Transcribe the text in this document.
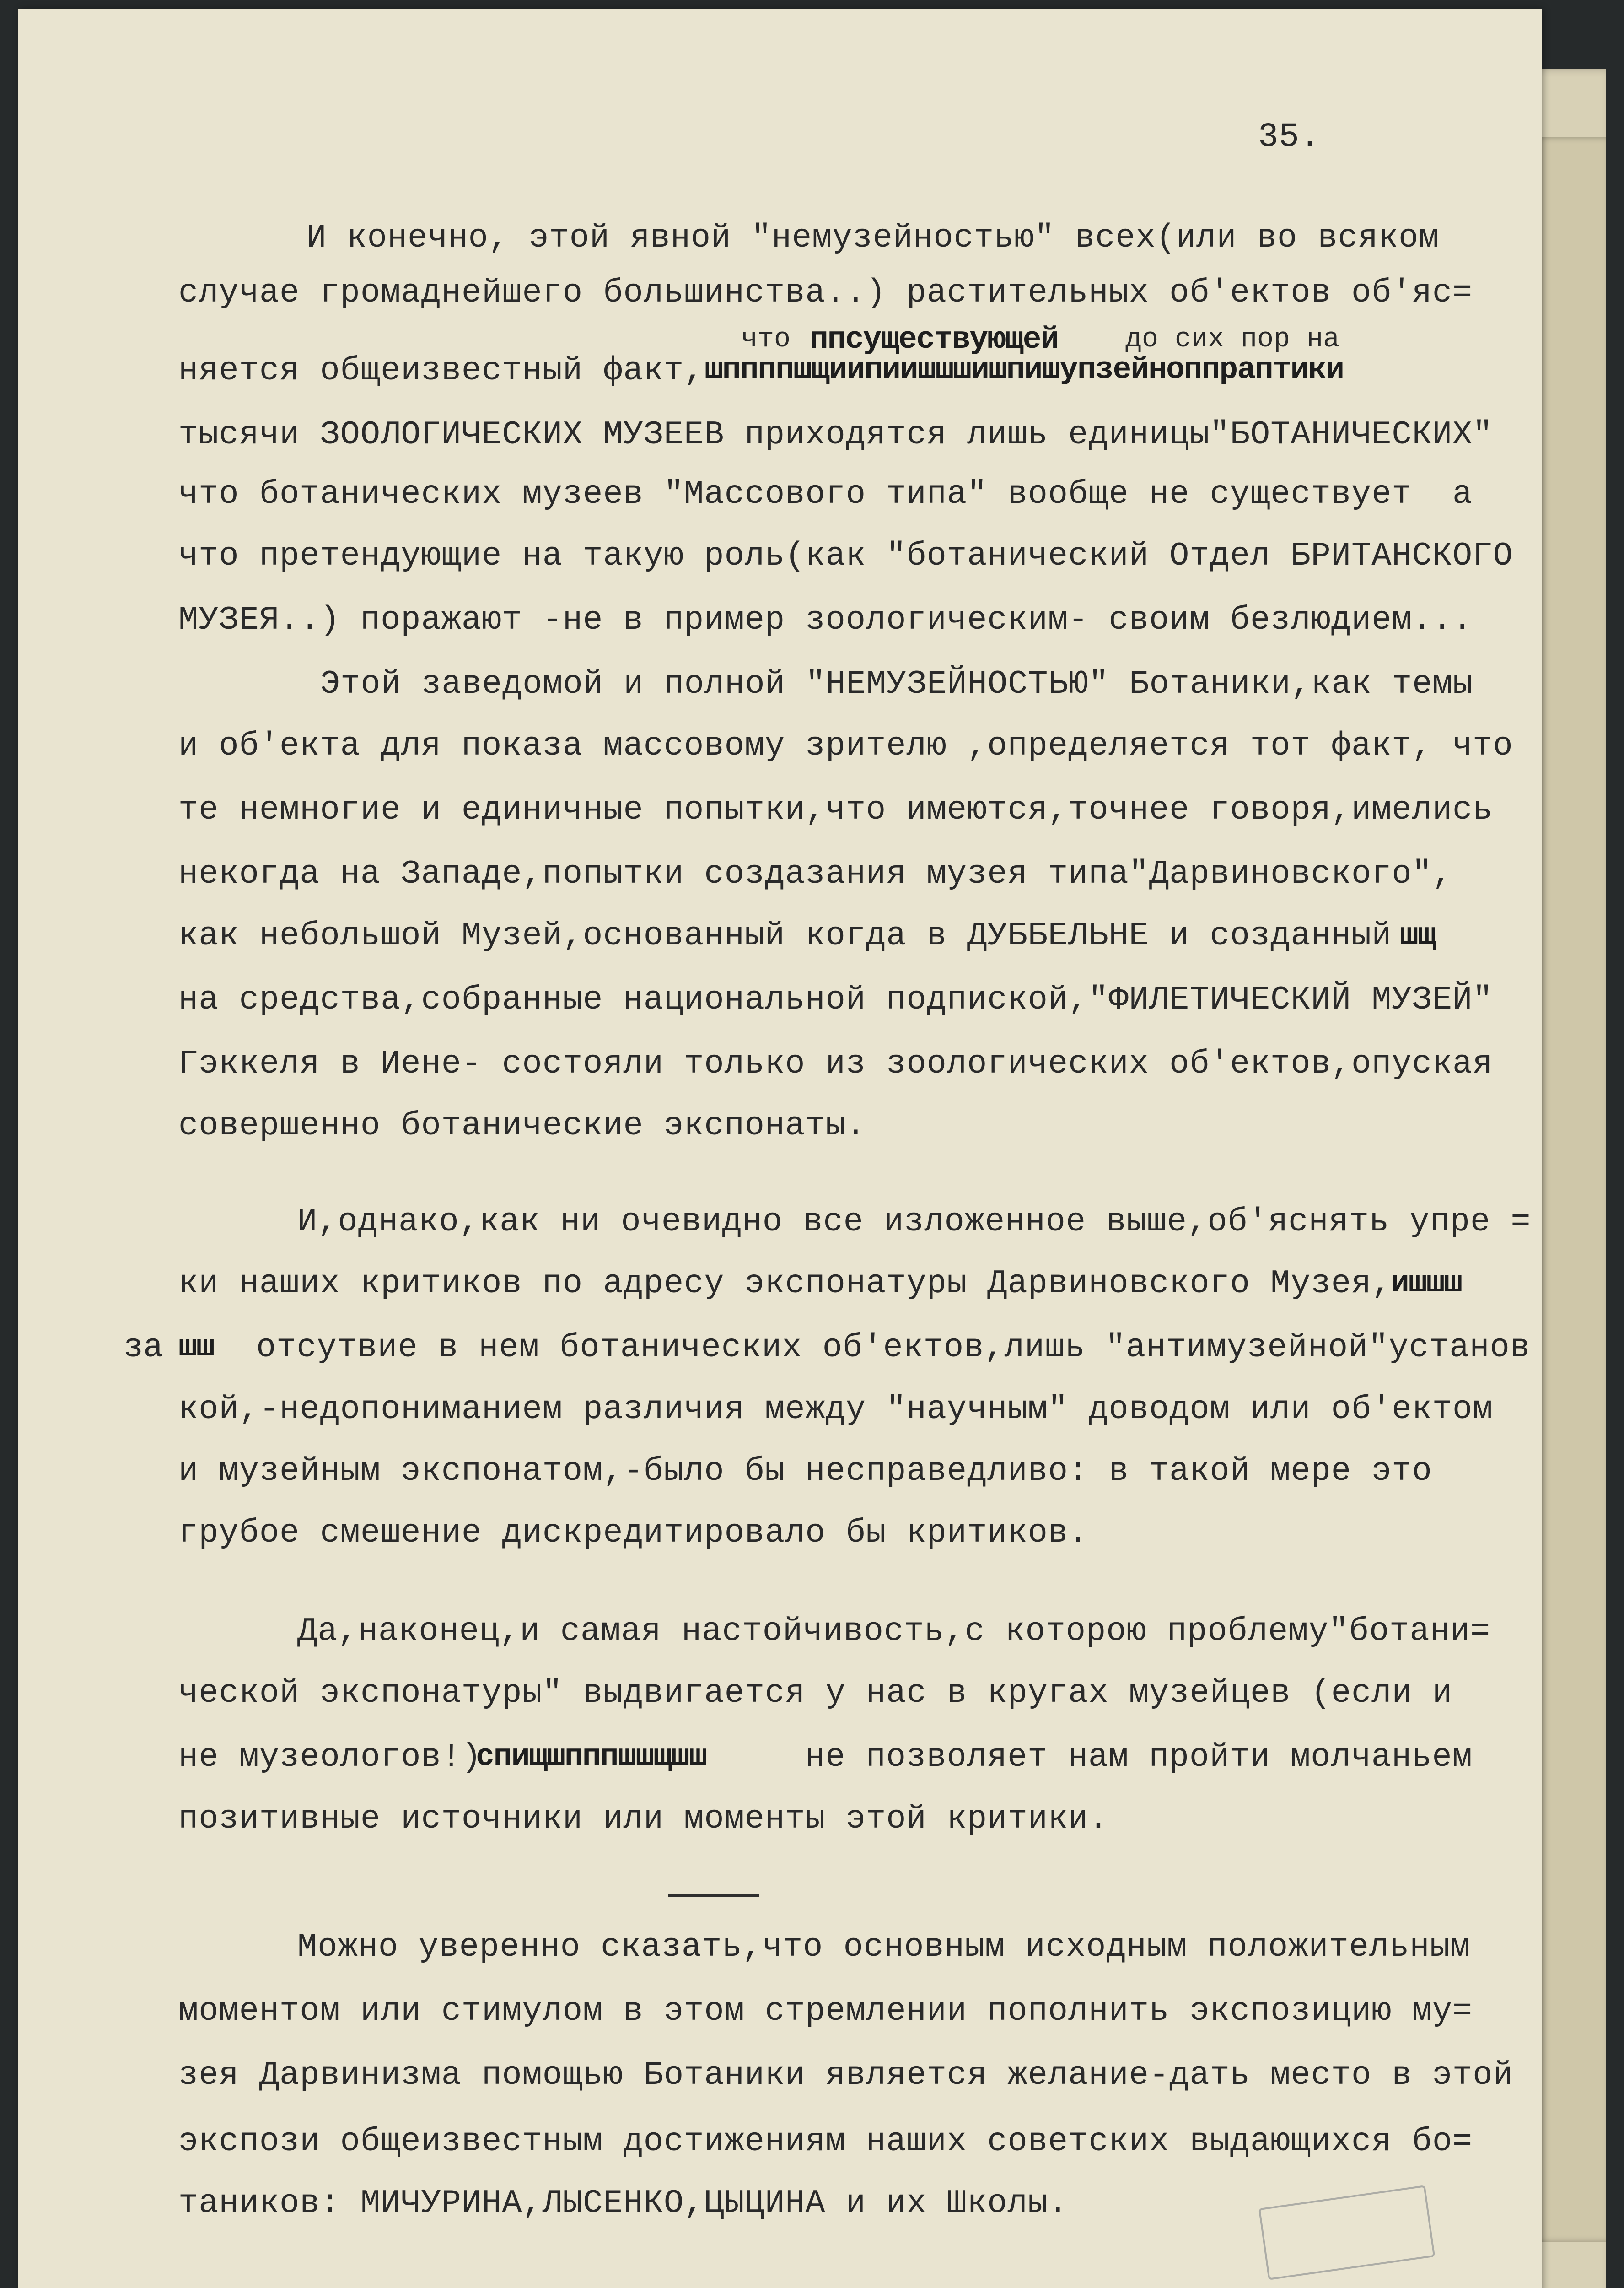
35.
И конечно, этой явной "немузейностью" всех(или во всяком
случае громаднейшего большинства..) растительных об'ектов об'яс=
что ппсуществующей до сих пор на
няется общеизвестный факт, шппппшщиипиишшшишпишупзейноппраптики
тысячи ЗООЛОГИЧЕСКИХ МУЗЕЕВ приходятся лишь единицы"БОТАНИЧЕСКИХ"
что ботанических музеев "Массового типа" вообще не существует  а
что претендующие на такую роль(как "ботанический Отдел БРИТАНСКОГО
МУЗЕЯ..) поражают -не в пример зоологическим- своим безлюдием...
Этой заведомой и полной "НЕМУЗЕЙНОСТЬЮ" Ботаники,как темы
и об'екта для показа массовому зрителю ,определяется тот факт, что
те немногие и единичные попытки,что имеются,точнее говоря,имелись
некогда на Западе,попытки создазания музея типа"Дарвиновского",
как небольшой Музей,основанный когда в ДУББЕЛЬНЕ и созданный шщ
на средства,собранные национальной подпиской,"ФИЛЕТИЧЕСКИЙ МУЗЕЙ"
Гэккеля в Иене- состояли только из зоологических об'ектов,опуская
совершенно ботанические экспонаты.
И,однако,как ни очевидно все изложенное выше,об'яснять упре =
ки наших критиков по адресу экспонатуры Дарвиновского Музея,
ишшш
за шш отсутвие в нем ботанических об'ектов,лишь "антимузейной"установ
кой,-недопониманием различия между "научным" доводом или об'ектом
и музейным экспонатом,-было бы несправедливо: в такой мере это
грубое смешение дискредитировало бы критиков.
Да,наконец,и самая настойчивость,с которою проблему"ботани=
ческой экспонатуры" выдвигается у нас в кругах музейцев (если и
не музеологов!)
спищшпппшшщшш	не позволяет нам пройти молчаньем
позитивные источники или моменты этой критики.
Можно уверенно сказать,что основным исходным положительным
моментом или стимулом в этом стремлении пополнить экспозицию му=
зея Дарвинизма помощью Ботаники является желание-дать место в этой
экспози общеизвестным достижениям наших советских выдающихся бо=
таников: МИЧУРИНА,ЛЫСЕНКО,ЦЫЦИНА и их Школы.
